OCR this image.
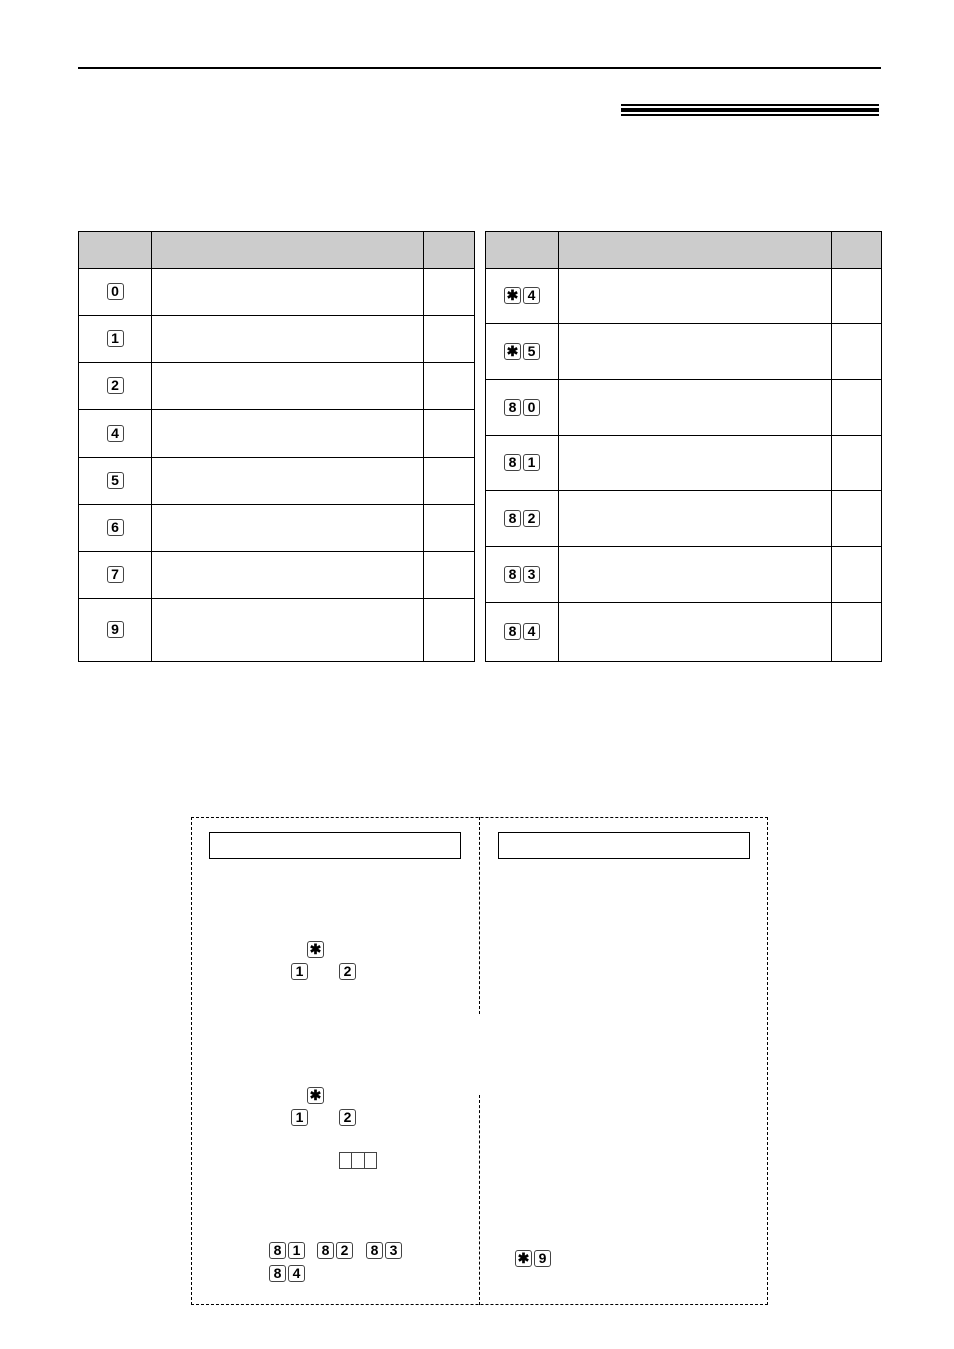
0		
1		
2		
4		
5		
6		
7		
9		

✱ 4		
✱ 5		
8 0		
8 1		
8 2		
8 3		
8 4		
✱
1	2
✱
1	2
8 1	8 2	8 3
8 4
✱ 9
